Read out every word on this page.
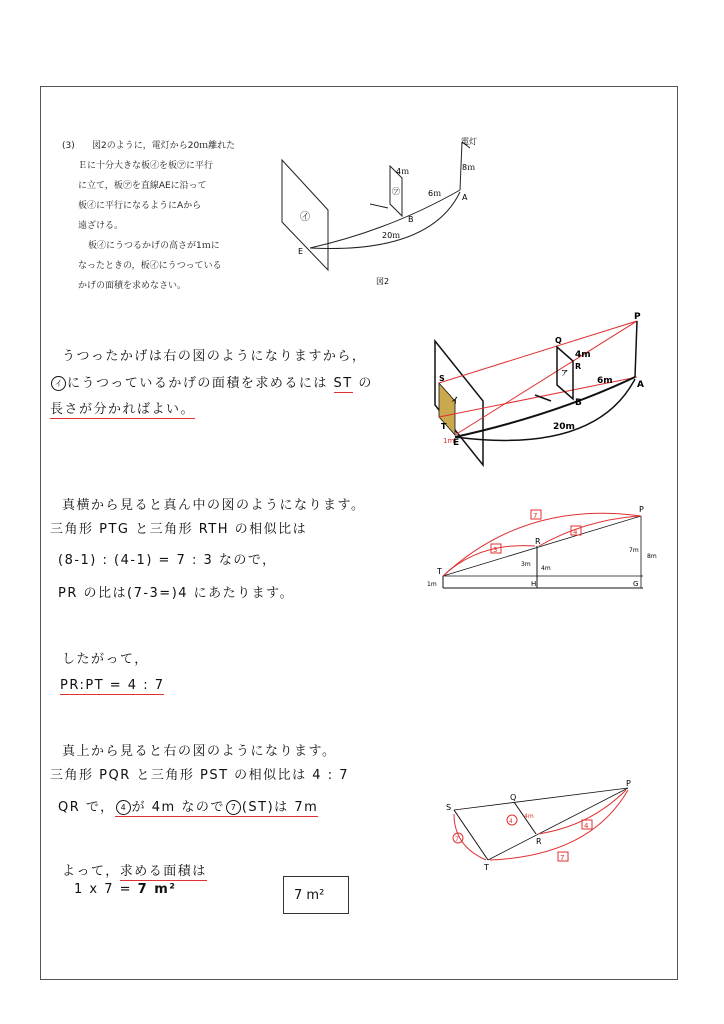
(3) 図2のように，電灯から20ｍ離れた
Ｅに十分大きな板㋑を板㋐に平行
に立て，板㋐を直線AEに沿って
板㋑に平行になるようにAから
遠ざける。
板㋑にうつるかげの高さが1ｍに
なったときの，板㋑にうつっている
かげの面積を求めなさい。
㋑
㋐
電灯
8ｍ
4ｍ
6ｍ
20ｍ
A
B
E
図2
うつったかげは右の図のようになりますから，
イ にうつっているかげの面積を求めるには ST の
長さが分かればよい。
P
Q
R
S
T
1m
E
A
B
4m
6m
20m
イ
ア
真横から見ると真ん中の図のようになります。
三角形 PTG と三角形 RTH の相似比は
(8-1) : (4-1) = 7 : 3 なので，
PR の比は(7-3=)4 にあたります。
7
3
4
T
R
P
H	G
1m
3m
4m
7m
8m
したがって，
PR:PT = 4 : 7
真上から見ると右の図のようになります。
三角形 PQR と三角形 PST の相似比は 4 : 7
QR で， 4 が 4m なので 7 (ST)は 7m
7
4
4
7
S
Q
R
P
T
4m
よって，求める面積は
1 x 7 = 7 m²	7 m²
